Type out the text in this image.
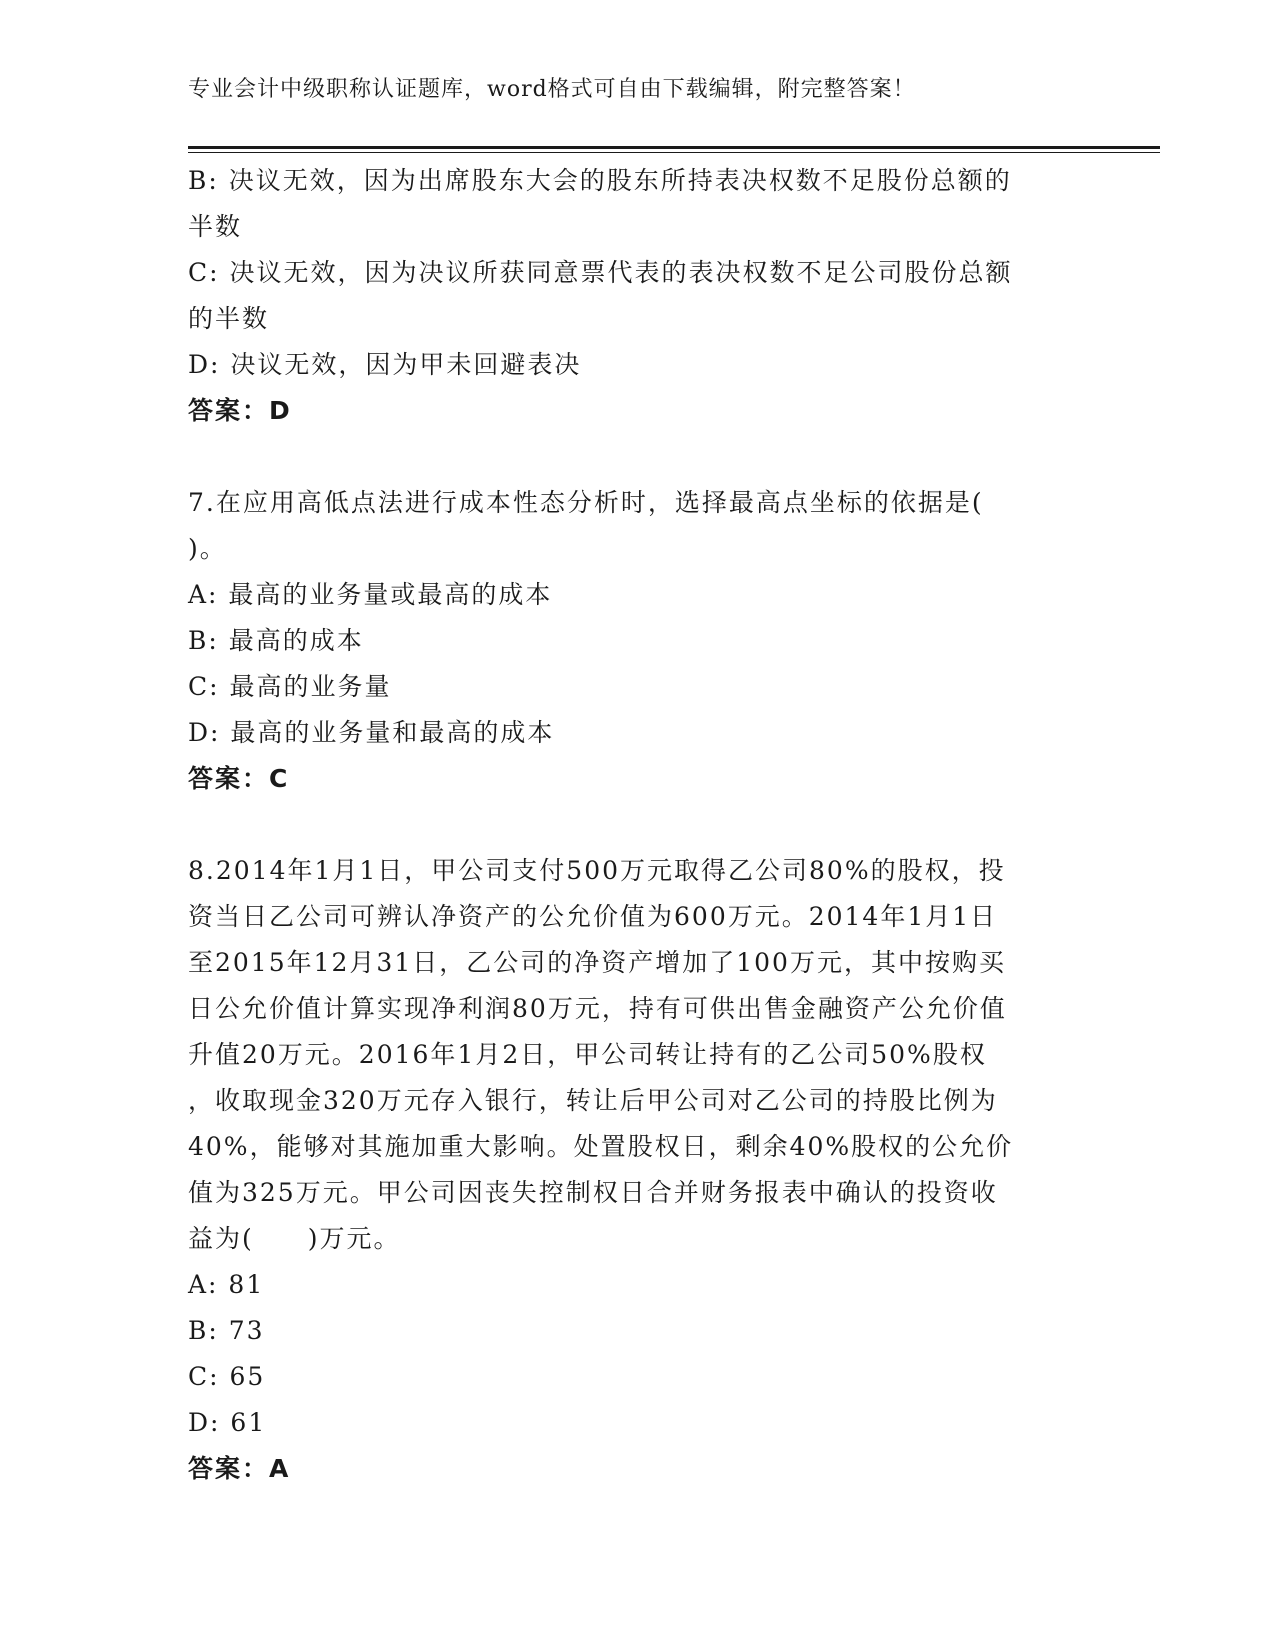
专业会计中级职称认证题库，word格式可自由下载编辑，附完整答案！
B: 决议无效，因为出席股东大会的股东所持表决权数不足股份总额的
半数
C: 决议无效，因为决议所获同意票代表的表决权数不足公司股份总额
的半数
D: 决议无效，因为甲未回避表决
答案：D
7.在应用高低点法进行成本性态分析时，选择最高点坐标的依据是(
)。
A: 最高的业务量或最高的成本
B: 最高的成本
C: 最高的业务量
D: 最高的业务量和最高的成本
答案：C
8.2014年1月1日，甲公司支付500万元取得乙公司80%的股权，投
资当日乙公司可辨认净资产的公允价值为600万元。2014年1月1日
至2015年12月31日，乙公司的净资产增加了100万元，其中按购买
日公允价值计算实现净利润80万元，持有可供出售金融资产公允价值
升值20万元。2016年1月2日，甲公司转让持有的乙公司50%股权
，收取现金320万元存入银行，转让后甲公司对乙公司的持股比例为
40%，能够对其施加重大影响。处置股权日，剩余40%股权的公允价
值为325万元。甲公司因丧失控制权日合并财务报表中确认的投资收
益为(　　)万元。
A: 81
B: 73
C: 65
D: 61
答案：A
